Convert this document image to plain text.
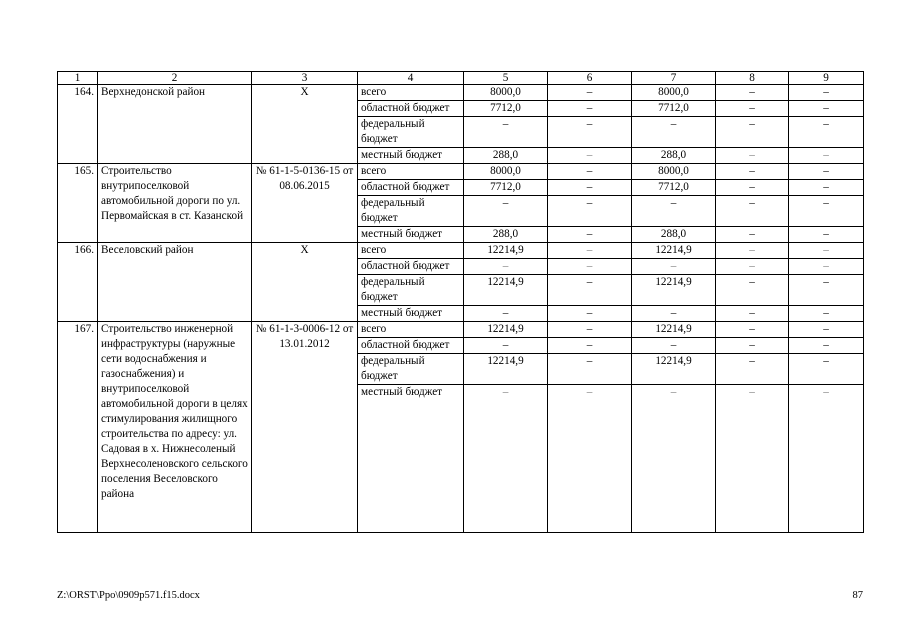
1	2	3	4	5	6	7	8	9
164.	Верхнедонской район	Х	всего	8000,0	–	8000,0	–	–
			областной бюджет	7712,0	–	7712,0	–	–
			федеральный бюджет	–	–	–	–	–
			местный бюджет	288,0	–	288,0	–	–
165.	Строительство внутрипоселковой автомобильной дороги по ул. Первомайская в ст. Казанской	№ 61-1-5-0136-15 от 08.06.2015	всего	8000,0	–	8000,0	–	–
			областной бюджет	7712,0	–	7712,0	–	–
			федеральный бюджет	–	–	–	–	–
			местный бюджет	288,0	–	288,0	–	–
166.	Веселовский район	Х	всего	12214,9	–	12214,9	–	–
			областной бюджет	–	–	–	–	–
			федеральный бюджет	12214,9	–	12214,9	–	–
			местный бюджет	–	–	–	–	–
167.	Строительство инженерной инфраструктуры (наружные сети водоснабжения и газоснабжения) и внутрипоселковой автомобильной дороги в целях стимулирования жилищного строительства по адресу: ул. Садовая в х. Нижнесоленый Верхнесоленовского сельского поселения Веселовского района	№ 61-1-3-0006-12 от 13.01.2012	всего	12214,9	–	12214,9	–	–
			областной бюджет	–	–	–	–	–
			федеральный бюджет	12214,9	–	12214,9	–	–
			местный бюджет	–	–	–	–	–
Z:\ORST\Ppo\0909p571.f15.docx	87
